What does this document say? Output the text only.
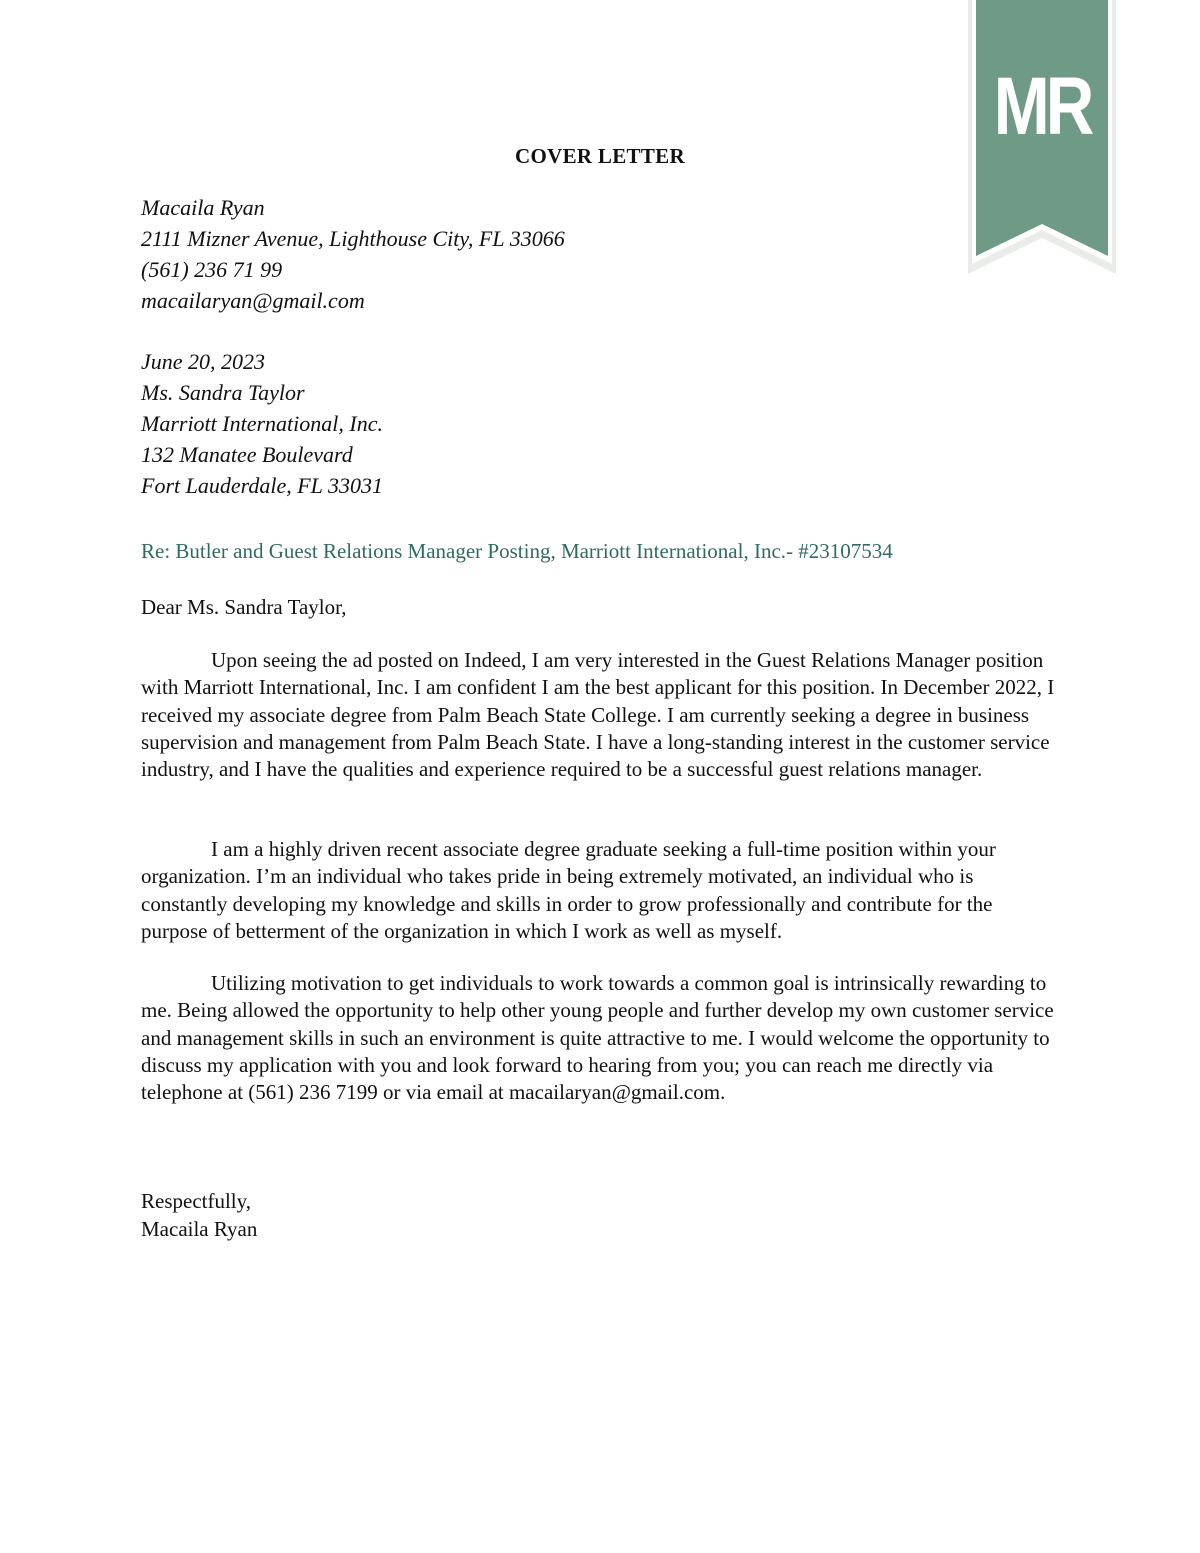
MR
COVER LETTER
Macaila Ryan
2111 Mizner Avenue, Lighthouse City, FL 33066
(561) 236 71 99
macailaryan@gmail.com
June 20, 2023
Ms. Sandra Taylor
Marriott International, Inc.
132 Manatee Boulevard
Fort Lauderdale, FL 33031
Re: Butler and Guest Relations Manager Posting, Marriott International, Inc.- #23107534
Dear Ms. Sandra Taylor,

Upon seeing the ad posted on Indeed, I am very interested in the Guest Relations Manager position with Marriott International, Inc. I am confident I am the best applicant for this position. In December 2022, I received my associate degree from Palm Beach State College. I am currently seeking a degree in business supervision and management from Palm Beach State. I have a long-standing interest in the customer service industry, and I have the qualities and experience required to be a successful guest relations manager.

I am a highly driven recent associate degree graduate seeking a full-time position within your organization. I’m an individual who takes pride in being extremely motivated, an individual who is constantly developing my knowledge and skills in order to grow professionally and contribute for the purpose of betterment of the organization in which I work as well as myself.

Utilizing motivation to get individuals to work towards a common goal is intrinsically rewarding to me. Being allowed the opportunity to help other young people and further develop my own customer service and management skills in such an environment is quite attractive to me. I would welcome the opportunity to discuss my application with you and look forward to hearing from you; you can reach me directly via telephone at (561) 236 7199 or via email at macailaryan@gmail.com.

Respectfully,
Macaila Ryan
